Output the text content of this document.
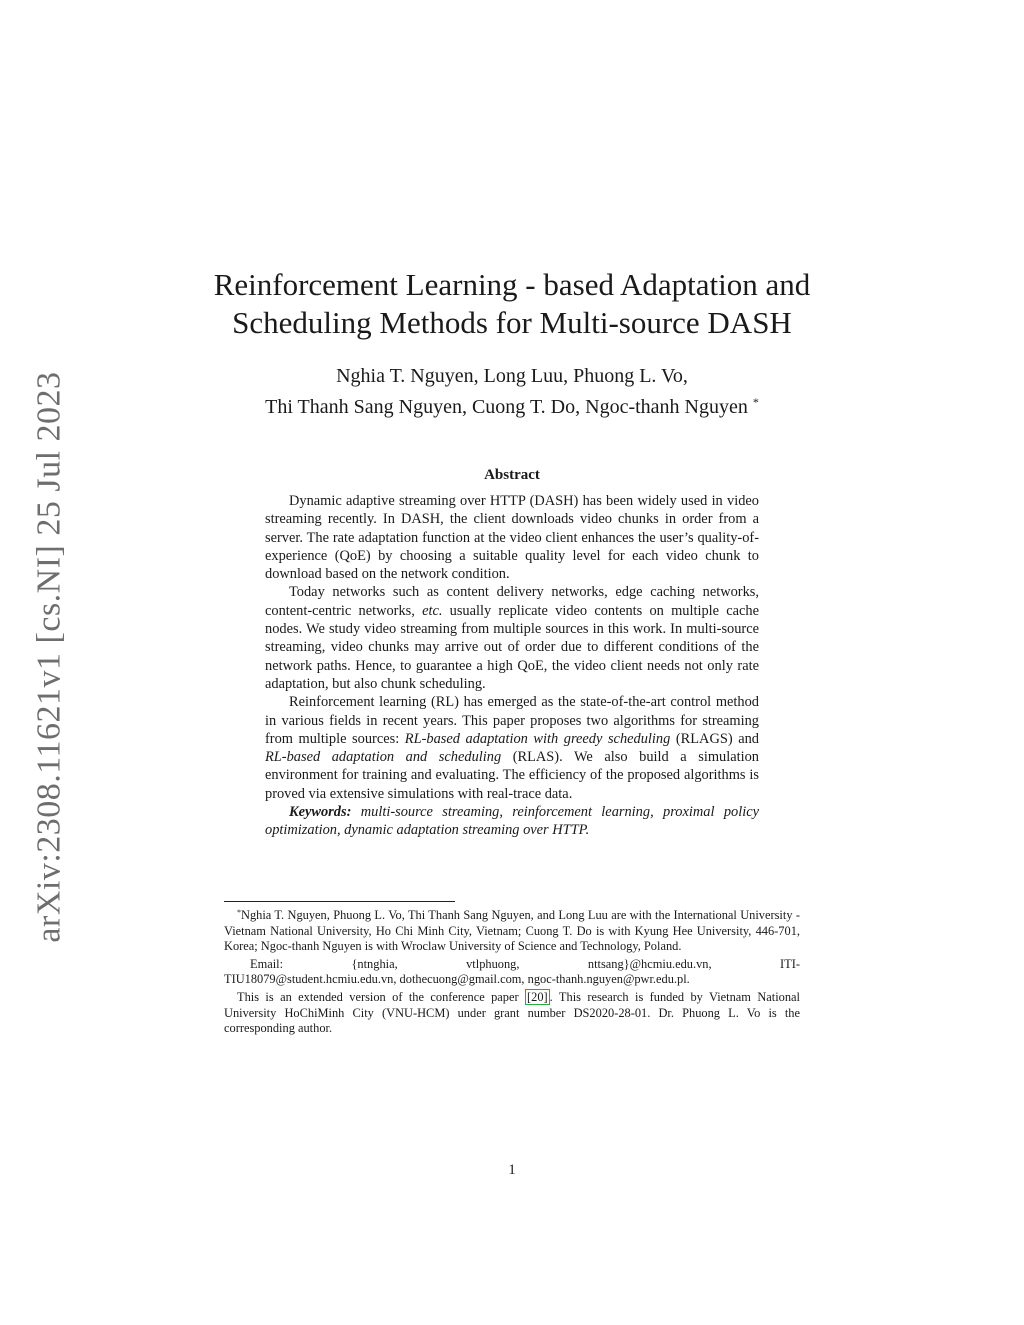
arXiv:2308.11621v1 [cs.NI] 25 Jul 2023
Reinforcement Learning - based Adaptation and
Scheduling Methods for Multi-source DASH
Nghia T. Nguyen, Long Luu, Phuong L. Vo,
Thi Thanh Sang Nguyen, Cuong T. Do, Ngoc-thanh Nguyen *
Abstract

Dynamic adaptive streaming over HTTP (DASH) has been widely used in video streaming recently. In DASH, the client downloads video chunks in order from a server. The rate adaptation function at the video client enhances the user’s quality-of-experience (QoE) by choosing a suitable quality level for each video chunk to download based on the network condition.

Today networks such as content delivery networks, edge caching networks, content-centric networks, etc. usually replicate video contents on multiple cache nodes. We study video streaming from multiple sources in this work. In multi-source streaming, video chunks may arrive out of order due to different conditions of the network paths. Hence, to guarantee a high QoE, the video client needs not only rate adaptation, but also chunk scheduling.

Reinforcement learning (RL) has emerged as the state-of-the-art control method in various fields in recent years. This paper proposes two algorithms for streaming from multiple sources: RL-based adaptation with greedy scheduling (RLAGS) and RL-based adaptation and scheduling (RLAS). We also build a simulation environment for training and evaluating. The efficiency of the proposed algorithms is proved via extensive simulations with real-trace data.

Keywords: multi-source streaming, reinforcement learning, proximal policy optimization, dynamic adaptation streaming over HTTP.

*Nghia T. Nguyen, Phuong L. Vo, Thi Thanh Sang Nguyen, and Long Luu are with the International University - Vietnam National University, Ho Chi Minh City, Vietnam; Cuong T. Do is with Kyung Hee University, 446-701, Korea; Ngoc-thanh Nguyen is with Wroclaw University of Science and Technology, Poland.

Email:	{ntnghia,	vtlphuong,	nttsang}@hcmiu.edu.vn,	ITI-

TIU18079@student.hcmiu.edu.vn, dothecuong@gmail.com, ngoc-thanh.nguyen@pwr.edu.pl.

This is an extended version of the conference paper [20] . This research is funded by Vietnam National University HoChiMinh City (VNU-HCM) under grant number DS2020-28-01. Dr. Phuong L. Vo is the corresponding author.

1
